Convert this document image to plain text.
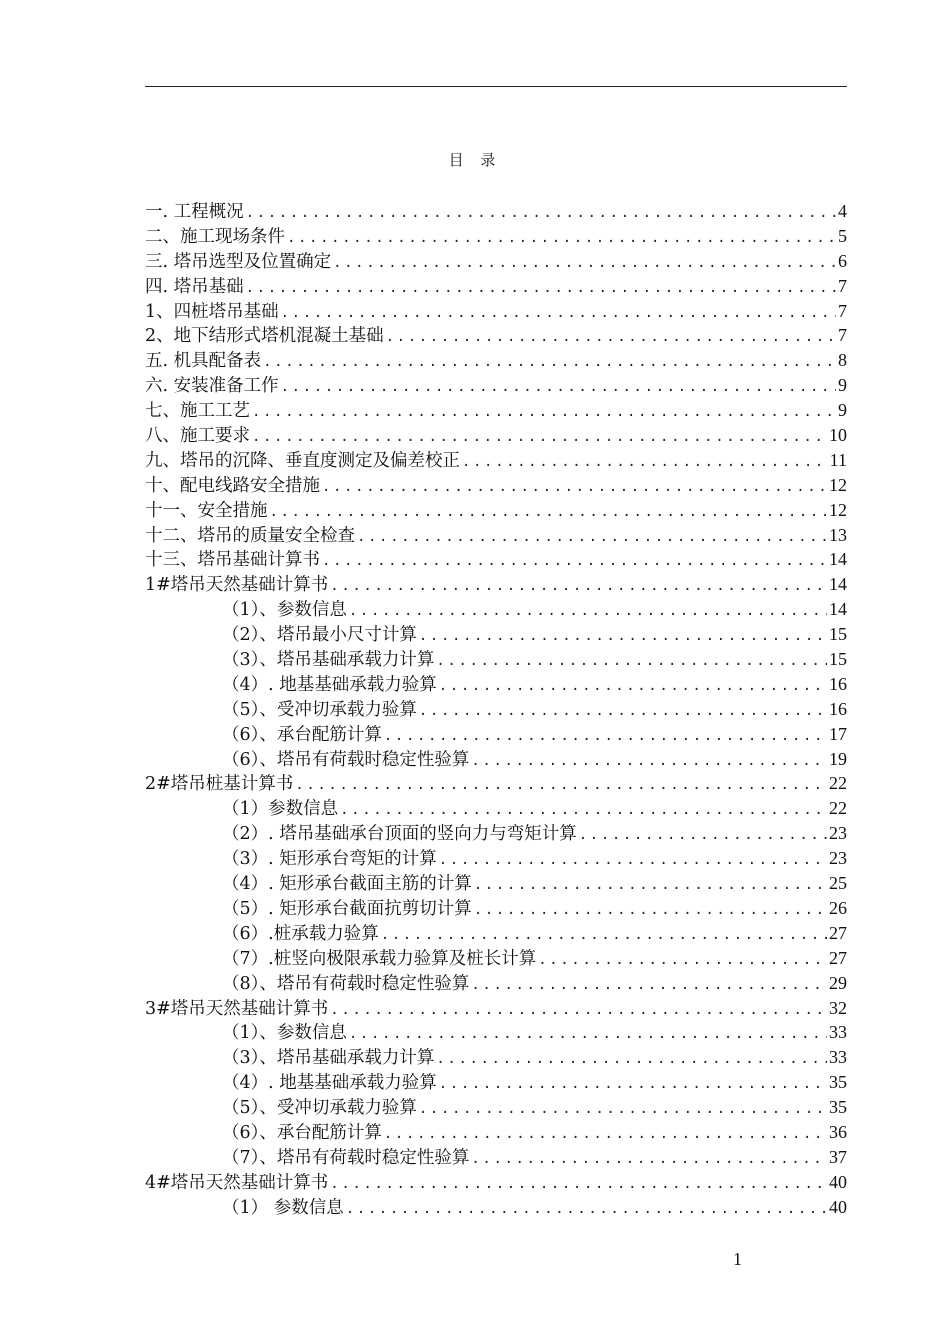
目 录
一. 工程概况 .....	4
二、施工现场条件 .....	5
三. 塔吊选型及位置确定 .....	6
四. 塔吊基础 .....	7
1、四桩塔吊基础 .....	7
2、地下结形式塔机混凝土基础 .....	7
五. 机具配备表 .....	8
六. 安装准备工作 .....	9
七、施工工艺 .....	9
八、施工要求 .....	10
九、塔吊的沉降、垂直度测定及偏差校正 .....	11
十、配电线路安全措施 .....	12
十一、安全措施 .....	12
十二、塔吊的质量安全检查 .....	13
十三、塔吊基础计算书 .....	14
1#塔吊天然基础计算书 .....	14
（1）、参数信息 .....	14
（2）、塔吊最小尺寸计算 .....	15
（3）、塔吊基础承载力计算 .....	15
（4）. 地基基础承载力验算 .....	16
（5）、受冲切承载力验算 .....	16
（6）、承台配筋计算 .....	17
（6）、塔吊有荷载时稳定性验算 .....	19
2#塔吊桩基计算书 .....	22
（1）参数信息 .....	22
（2）. 塔吊基础承台顶面的竖向力与弯矩计算 .....	23
（3）. 矩形承台弯矩的计算 .....	23
（4）. 矩形承台截面主筋的计算 .....	25
（5）. 矩形承台截面抗剪切计算 .....	26
（6）.桩承载力验算 .....	27
（7）.桩竖向极限承载力验算及桩长计算 .....	27
（8）、塔吊有荷载时稳定性验算 .....	29
3#塔吊天然基础计算书 .....	32
（1）、参数信息 .....	33
（3）、塔吊基础承载力计算 .....	33
（4）. 地基基础承载力验算 .....	35
（5）、受冲切承载力验算 .....	35
（6）、承台配筋计算 .....	36
（7）、塔吊有荷载时稳定性验算 .....	37
4#塔吊天然基础计算书 .....	40
（1） 参数信息 .....	40
1
